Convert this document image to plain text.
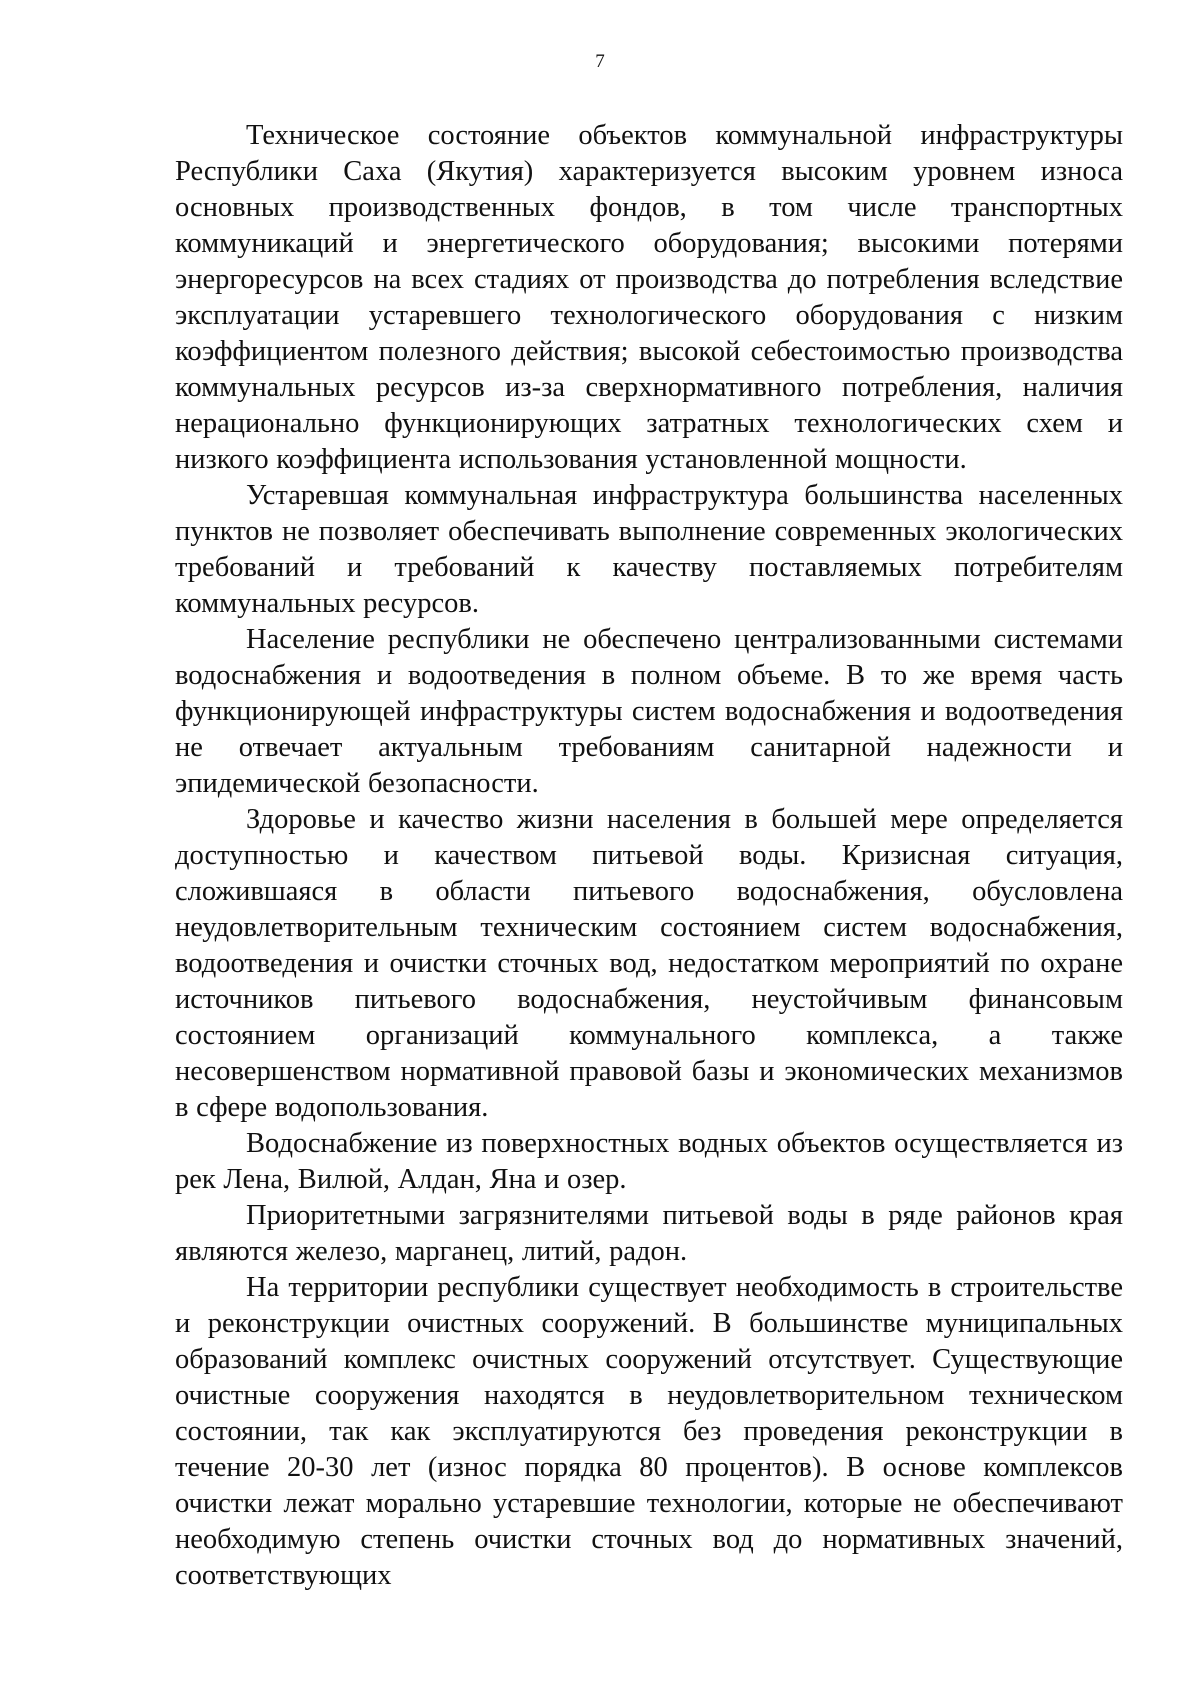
7

Техническое состояние объектов коммунальной инфраструктуры Республики Саха (Якутия) характеризуется высоким уровнем износа основных производственных фондов, в том числе транспортных коммуникаций и энергетического оборудования; высокими потерями энергоресурсов на всех стадиях от производства до потребления вследствие эксплуатации устаревшего технологического оборудования с низким коэффициентом полезного действия; высокой себестоимостью производства коммунальных ресурсов из-за сверхнормативного потребления, наличия нерационально функционирующих затратных технологических схем и низкого коэффициента использования установленной мощности.

Устаревшая коммунальная инфраструктура большинства населенных пунктов не позволяет обеспечивать выполнение современных экологических требований и требований к качеству поставляемых потребителям коммунальных ресурсов.

Население республики не обеспечено централизованными системами водоснабжения и водоотведения в полном объеме. В то же время часть функционирующей инфраструктуры систем водоснабжения и водоотведения не отвечает актуальным требованиям санитарной надежности и эпидемической безопасности.

Здоровье и качество жизни населения в большей мере определяется доступностью и качеством питьевой воды. Кризисная ситуация, сложившаяся в области питьевого водоснабжения, обусловлена неудовлетворительным техническим состоянием систем водоснабжения, водоотведения и очистки сточных вод, недостатком мероприятий по охране источников питьевого водоснабжения, неустойчивым финансовым состоянием организаций коммунального комплекса, а также несовершенством нормативной правовой базы и экономических механизмов в сфере водопользования.

Водоснабжение из поверхностных водных объектов осуществляется из рек Лена, Вилюй, Алдан, Яна и озер.

Приоритетными загрязнителями питьевой воды в ряде районов края являются железо, марганец, литий, радон.

На территории республики существует необходимость в строительстве и реконструкции очистных сооружений. В большинстве муниципальных образований комплекс очистных сооружений отсутствует. Существующие очистные сооружения находятся в неудовлетворительном техническом состоянии, так как эксплуатируются без проведения реконструкции в течение 20-30 лет (износ порядка 80 процентов). В основе комплексов очистки лежат морально устаревшие технологии, которые не обеспечивают необходимую степень очистки сточных вод до нормативных значений, соответствующих
